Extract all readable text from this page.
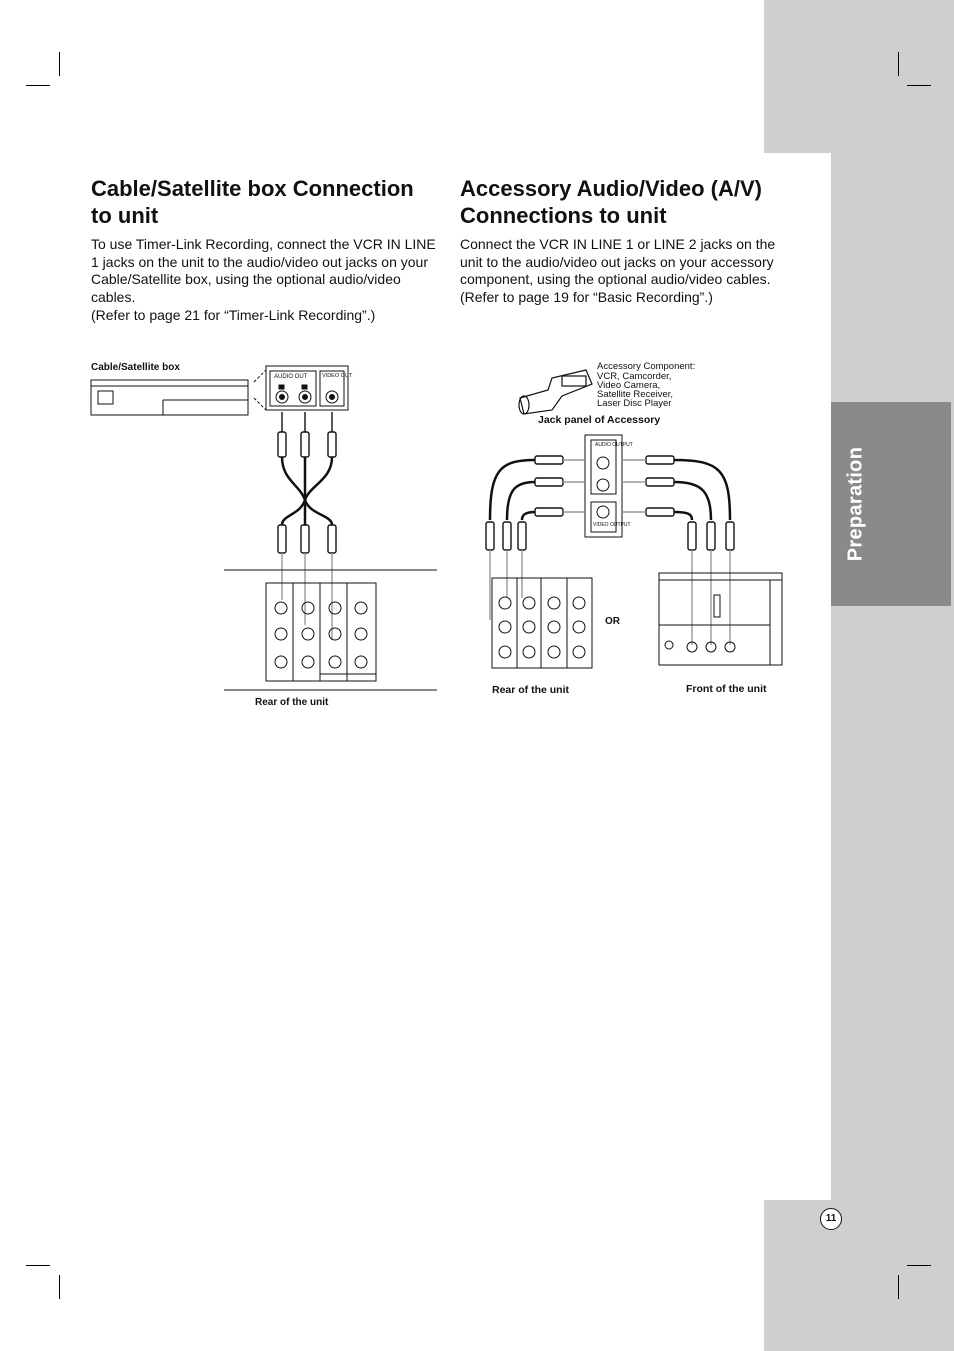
Preparation
Cable/Satellite box Connection to unit

To use Timer-Link Recording, connect the VCR IN LINE 1 jacks on the unit to the audio/video out jacks on your Cable/Satellite box, using the optional audio/video cables.

(Refer to page 21 for “Timer-Link Recording”.)

Accessory Audio/Video (A/V) Connections to unit

Connect the VCR IN LINE 1 or LINE 2 jacks on the unit to the audio/video out jacks on your accessory component, using the optional audio/video cables.

(Refer to page 19 for “Basic Recording”.)

AUDIO OUT	VIDEO OUT
AUDIO OUTPUT
VIDEO OUTPUT
Accessory Component:
VCR, Camcorder,
Video Camera,
Satellite Receiver,
Laser Disc Player
Cable/Satellite box
Rear of the unit
Jack panel of Accessory
OR
Rear of the unit	Front of the unit
11
